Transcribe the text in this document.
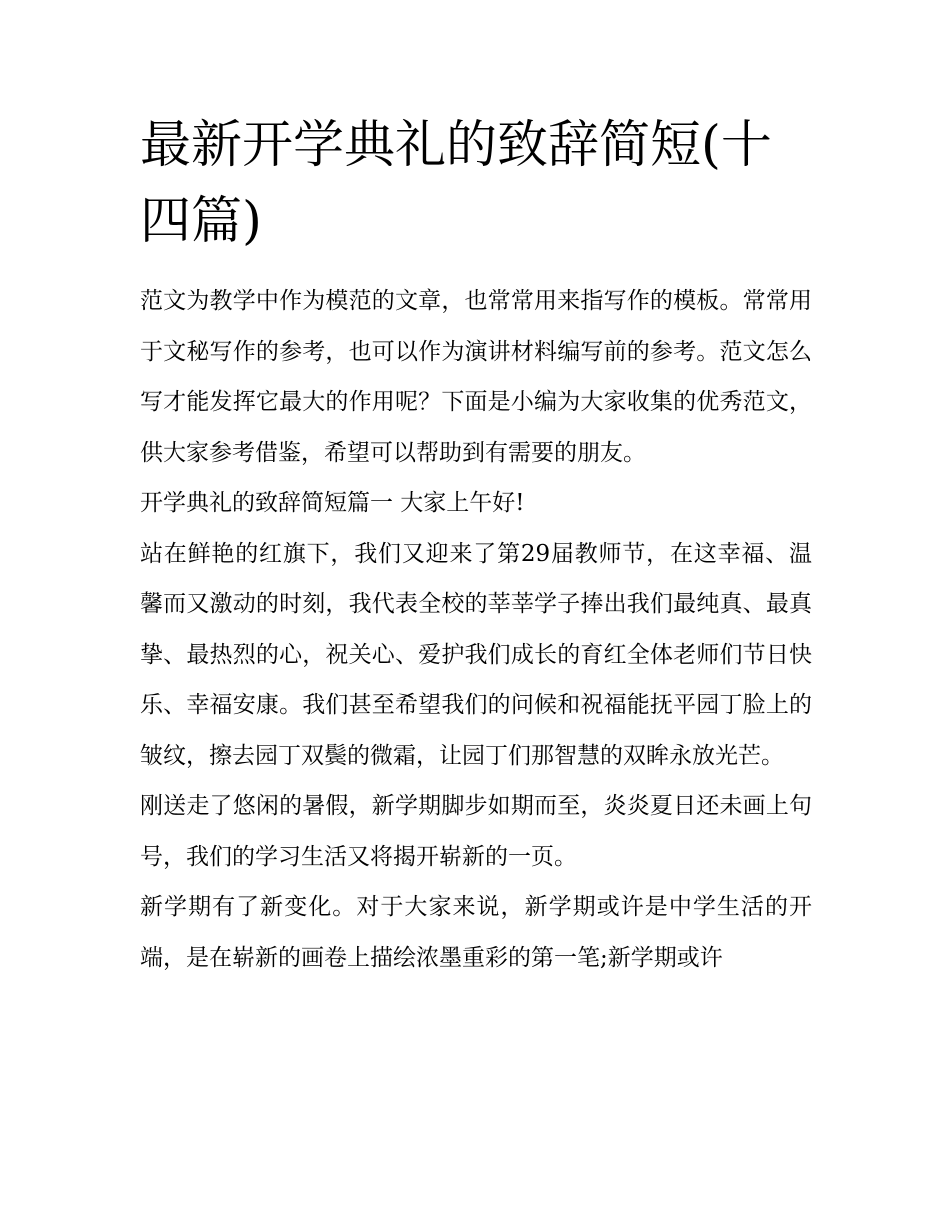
最新开学典礼的致辞简短(十四篇)

范文为教学中作为模范的文章，也常常用来指写作的模板。常常用于文秘写作的参考，也可以作为演讲材料编写前的参考。范文怎么写才能发挥它最大的作用呢？下面是小编为大家收集的优秀范文，供大家参考借鉴，希望可以帮助到有需要的朋友。

开学典礼的致辞简短篇一 大家上午好!

站在鲜艳的红旗下，我们又迎来了第29届教师节，在这幸福、温馨而又激动的时刻，我代表全校的莘莘学子捧出我们最纯真、最真挚、最热烈的心，祝关心、爱护我们成长的育红全体老师们节日快乐、幸福安康。我们甚至希望我们的问候和祝福能抚平园丁脸上的皱纹，擦去园丁双鬓的微霜，让园丁们那智慧的双眸永放光芒。

刚送走了悠闲的暑假，新学期脚步如期而至，炎炎夏日还未画上句号，我们的学习生活又将揭开崭新的一页。

新学期有了新变化。对于大家来说，新学期或许是中学生活的开端，是在崭新的画卷上描绘浓墨重彩的第一笔;新学期或许
